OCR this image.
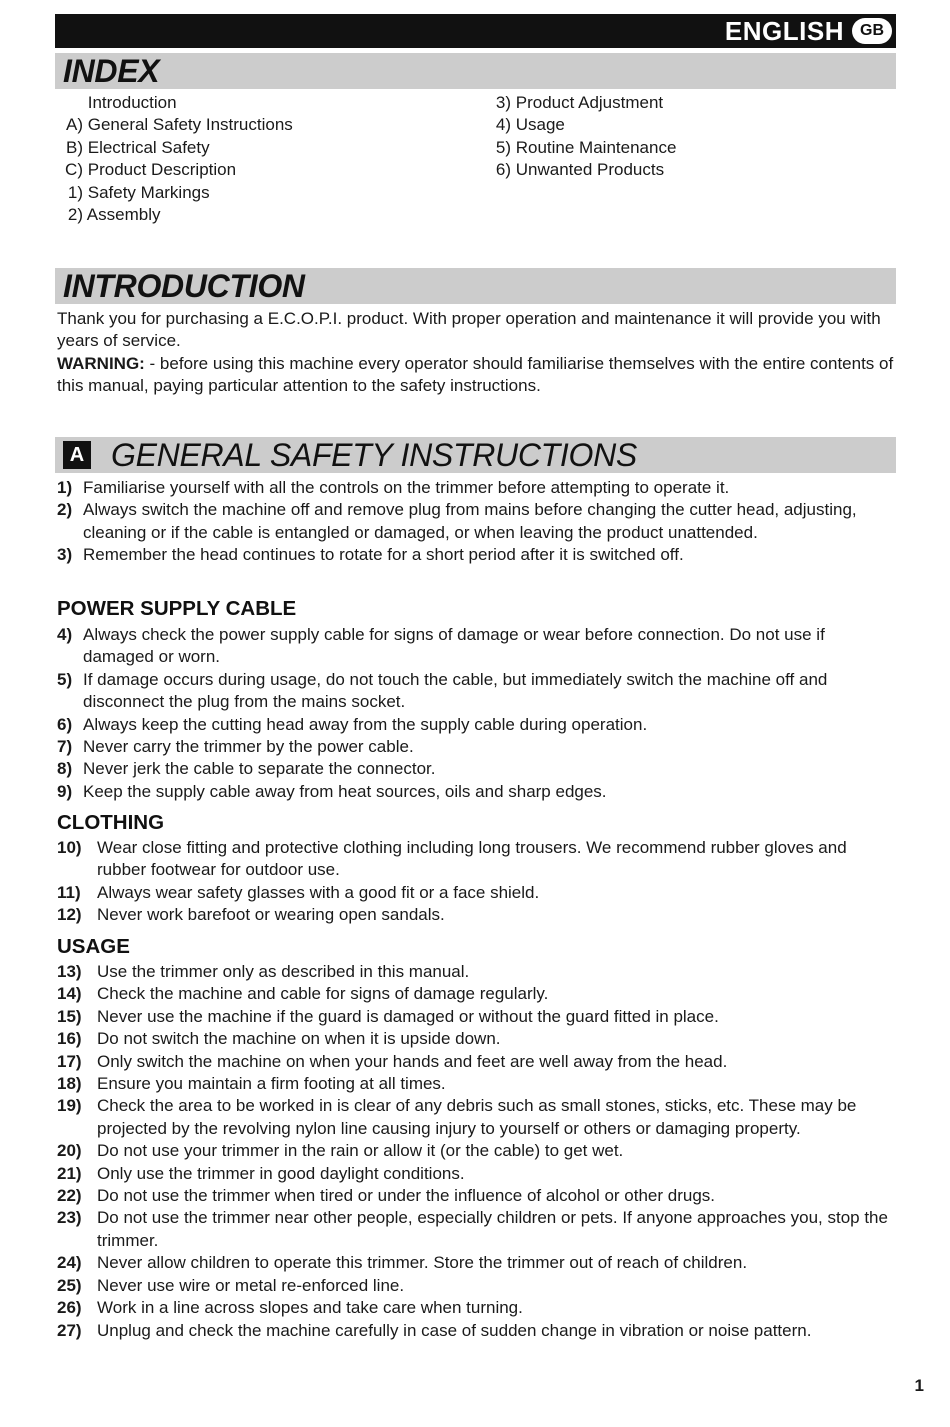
ENGLISH	GB
INDEX
Introduction
A) General Safety Instructions
B) Electrical Safety
C) Product Description
1) Safety Markings
2) Assembly
3) Product Adjustment
4) Usage
5) Routine Maintenance
6) Unwanted Products
INTRODUCTION
Thank you for purchasing a E.C.O.P.I. product. With proper operation and maintenance it will provide you with years of service.
WARNING: - before using this machine every operator should familiarise themselves with the entire contents of this manual, paying particular attention to the safety instructions.
A GENERAL SAFETY INSTRUCTIONS
1) Familiarise yourself with all the controls on the trimmer before attempting to operate it.
2) Always switch the machine off and remove plug from mains before changing the cutter head, adjusting, cleaning or if the cable is entangled or damaged, or when leaving the product unattended.
3) Remember the head continues to rotate for a short period after it is switched off.
POWER SUPPLY CABLE
4) Always check the power supply cable for signs of damage or wear before connection. Do not use if damaged or worn.
5) If damage occurs during usage, do not touch the cable, but immediately switch the machine off and disconnect the plug from the mains socket.
6) Always keep the cutting head away from the supply cable during operation.
7) Never carry the trimmer by the power cable.
8) Never jerk the cable to separate the connector.
9) Keep the supply cable away from heat sources, oils and sharp edges.
CLOTHING
10) Wear close fitting and protective clothing including long trousers. We recommend rubber gloves and rubber footwear for outdoor use.
11) Always wear safety glasses with a good fit or a face shield.
12) Never work barefoot or wearing open sandals.
USAGE
13) Use the trimmer only as described in this manual.
14) Check the machine and cable for signs of damage regularly.
15) Never use the machine if the guard is damaged or without the guard fitted in place.
16) Do not switch the machine on when it is upside down.
17) Only switch the machine on when your hands and feet are well away from the head.
18) Ensure you maintain a firm footing at all times.
19) Check the area to be worked in is clear of any debris such as small stones, sticks, etc. These may be projected by the revolving nylon line causing injury to yourself or others or damaging property.
20) Do not use your trimmer in the rain or allow it (or the cable) to get wet.
21) Only use the trimmer in good daylight conditions.
22) Do not use the trimmer when tired or under the influence of alcohol or other drugs.
23) Do not use the trimmer near other people, especially children or pets. If anyone approaches you, stop the trimmer.
24) Never allow children to operate this trimmer. Store the trimmer out of reach of children.
25) Never use wire or metal re-enforced line.
26) Work in a line across slopes and take care when turning.
27) Unplug and check the machine carefully in case of sudden change in vibration or noise pattern.
1
